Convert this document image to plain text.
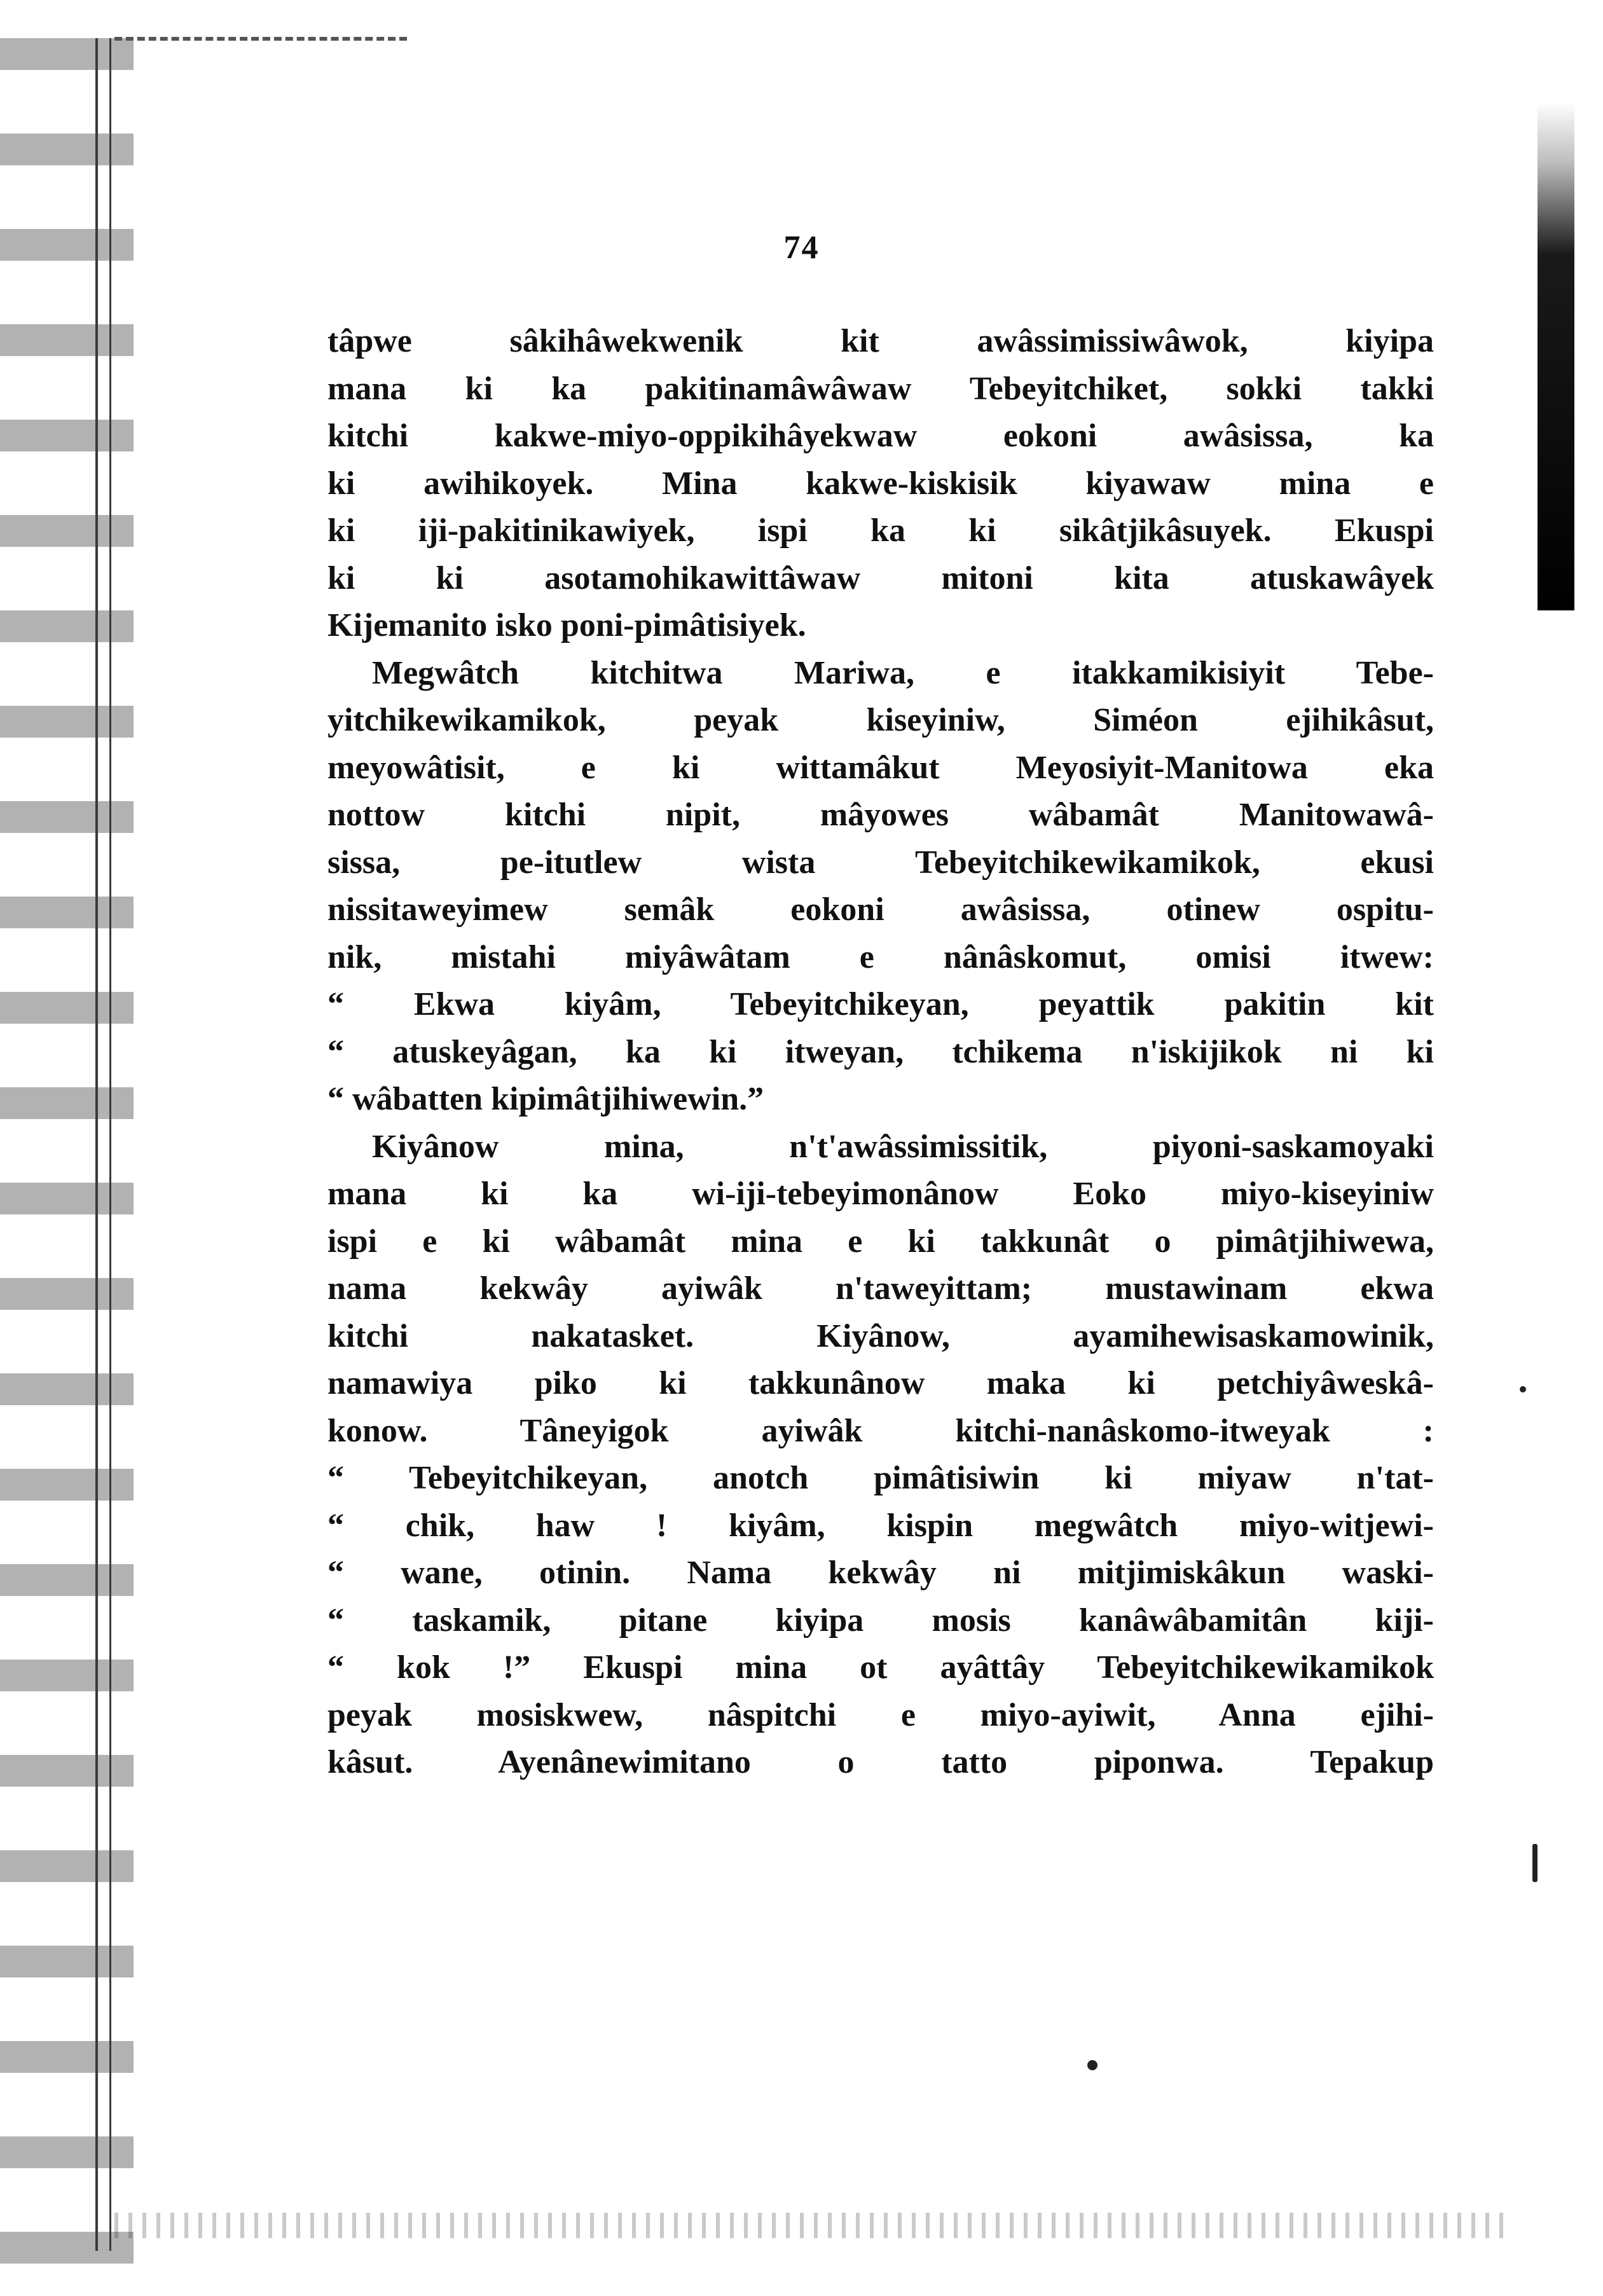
74
tâpwe sâkihâwekwenik kit awâssimissiwâwok, kiyipa
mana ki ka pakitinamâwâwaw Tebeyitchiket, sokki takki
kitchi kakwe-miyo-oppikihâyekwaw eokoni awâsissa, ka
ki awihikoyek. Mina kakwe-kiskisik kiyawaw mina e
ki iji-pakitinikawiyek, ispi ka ki sikâtjikâsuyek. Ekuspi
ki ki asotamohikawittâwaw mitoni kita atuskawâyek
Kijemanito isko poni-pimâtisiyek.
Megwâtch kitchitwa Mariwa, e itakkamikisiyit Tebe-
yitchikewikamikok, peyak kiseyiniw, Siméon ejihikâsut,
meyowâtisit, e ki wittamâkut Meyosiyit-Manitowa eka
nottow kitchi nipit, mâyowes wâbamât Manitowawâ-
sissa, pe-itutlew wista Tebeyitchikewikamikok, ekusi
nissitaweyimew semâk eokoni awâsissa, otinew ospitu-
nik, mistahi miyâwâtam e nânâskomut, omisi itwew:
“ Ekwa kiyâm, Tebeyitchikeyan, peyattik pakitin kit
“ atuskeyâgan, ka ki itweyan, tchikema n'iskijikok ni ki
“ wâbatten kipimâtjihiwewin.”
Kiyânow mina, n't'awâssimissitik, piyoni-saskamoyaki
mana ki ka wi-iji-tebeyimonânow Eoko miyo-kiseyiniw
ispi e ki wâbamât mina e ki takkunât o pimâtjihiwewa,
nama kekwây ayiwâk n'taweyittam; mustawinam ekwa
kitchi nakatasket. Kiyânow, ayamihewisaskamowinik,
namawiya piko ki takkunânow maka ki petchiyâweskâ-
konow. Tâneyigok ayiwâk kitchi-nanâskomo-itweyak :
“ Tebeyitchikeyan, anotch pimâtisiwin ki miyaw n'tat-
“ chik, haw ! kiyâm, kispin megwâtch miyo-witjewi-
“ wane, otinin. Nama kekwây ni mitjimiskâkun waski-
“ taskamik, pitane kiyipa mosis kanâwâbamitân kiji-
“ kok !” Ekuspi mina ot ayâttây Tebeyitchikewikamikok
peyak mosiskwew, nâspitchi e miyo-ayiwit, Anna ejihi-
kâsut. Ayenânewimitano o tatto piponwa. Tepakup
